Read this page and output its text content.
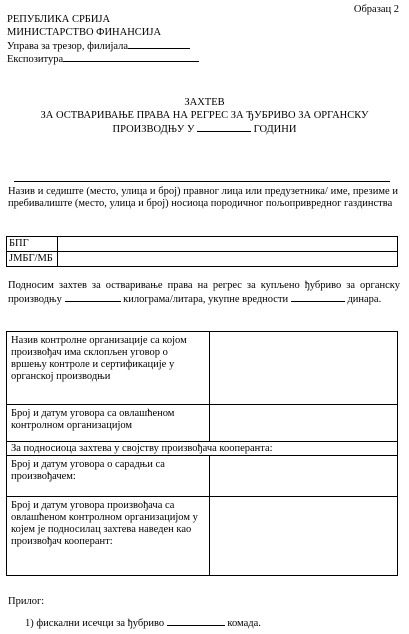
Образац 2
РЕПУБЛИКА СРБИЈА
МИНИСТАРСТВО ФИНАНСИЈА
Управа за трезор, филијала
Експозитура
ЗАХТЕВ
ЗА ОСТВАРИВАЊЕ ПРАВА НА РЕГРЕС ЗА ЂУБРИВО ЗА ОРГАНСКУ
ПРОИЗВОДЊУ У	ГОДИНИ
Назив и седиште (место, улица и број) правног лица или предузетника/ име, презиме и пребивалиште (место, улица и број) носиоца породичног пољопривредног газдинства
БПГ	
ЈМБГ/МБ	
Подносим захтев за остваривање права на регрес за купљено ђубриво за органску производњу	килограма/литара, укупне вредности	динара.
Назив контролне организације са којом произвођач има склопљен уговор о вршењу контроле и сертификације у органској производњи	
Број и датум уговора са овлашћеном контролном организацијом	
За подносиоца захтева у својству произвођача кооперанта:	
Број и датум уговора о сарадњи са произвођачем:	
Број и датум уговора произвођача са овлашћеном контролном организацијом у којем је подносилац захтева наведен као произвођач кооперант:	
Прилог:
1) фискални исечци за ђубриво	комада.
